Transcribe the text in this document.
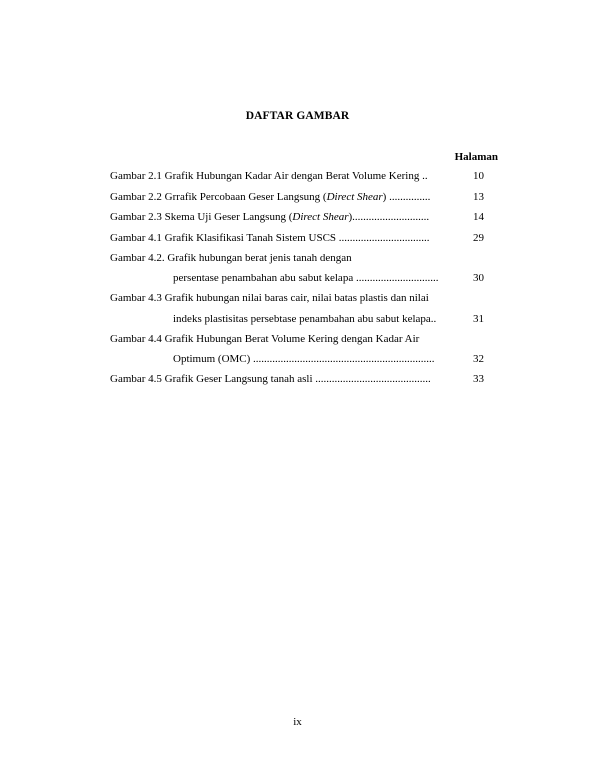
DAFTAR GAMBAR
Halaman
Gambar 2.1 Grafik Hubungan Kadar Air dengan Berat Volume Kering ..	10
Gambar 2.2 Grrafik Percobaan Geser Langsung (Direct Shear) ...............	13
Gambar 2.3 Skema Uji Geser Langsung (Direct Shear)............................	14
Gambar 4.1 Grafik Klasifikasi Tanah Sistem USCS .................................	29
Gambar 4.2. Grafik hubungan berat jenis tanah dengan
persentase penambahan abu sabut kelapa ..............................	30
Gambar 4.3 Grafik hubungan nilai baras cair, nilai batas plastis dan nilai
indeks plastisitas persebtase penambahan abu sabut kelapa..	31
Gambar 4.4 Grafik Hubungan Berat Volume Kering dengan Kadar Air
Optimum (OMC) ..................................................................	32
Gambar 4.5 Grafik Geser Langsung tanah asli ..........................................	33
ix
